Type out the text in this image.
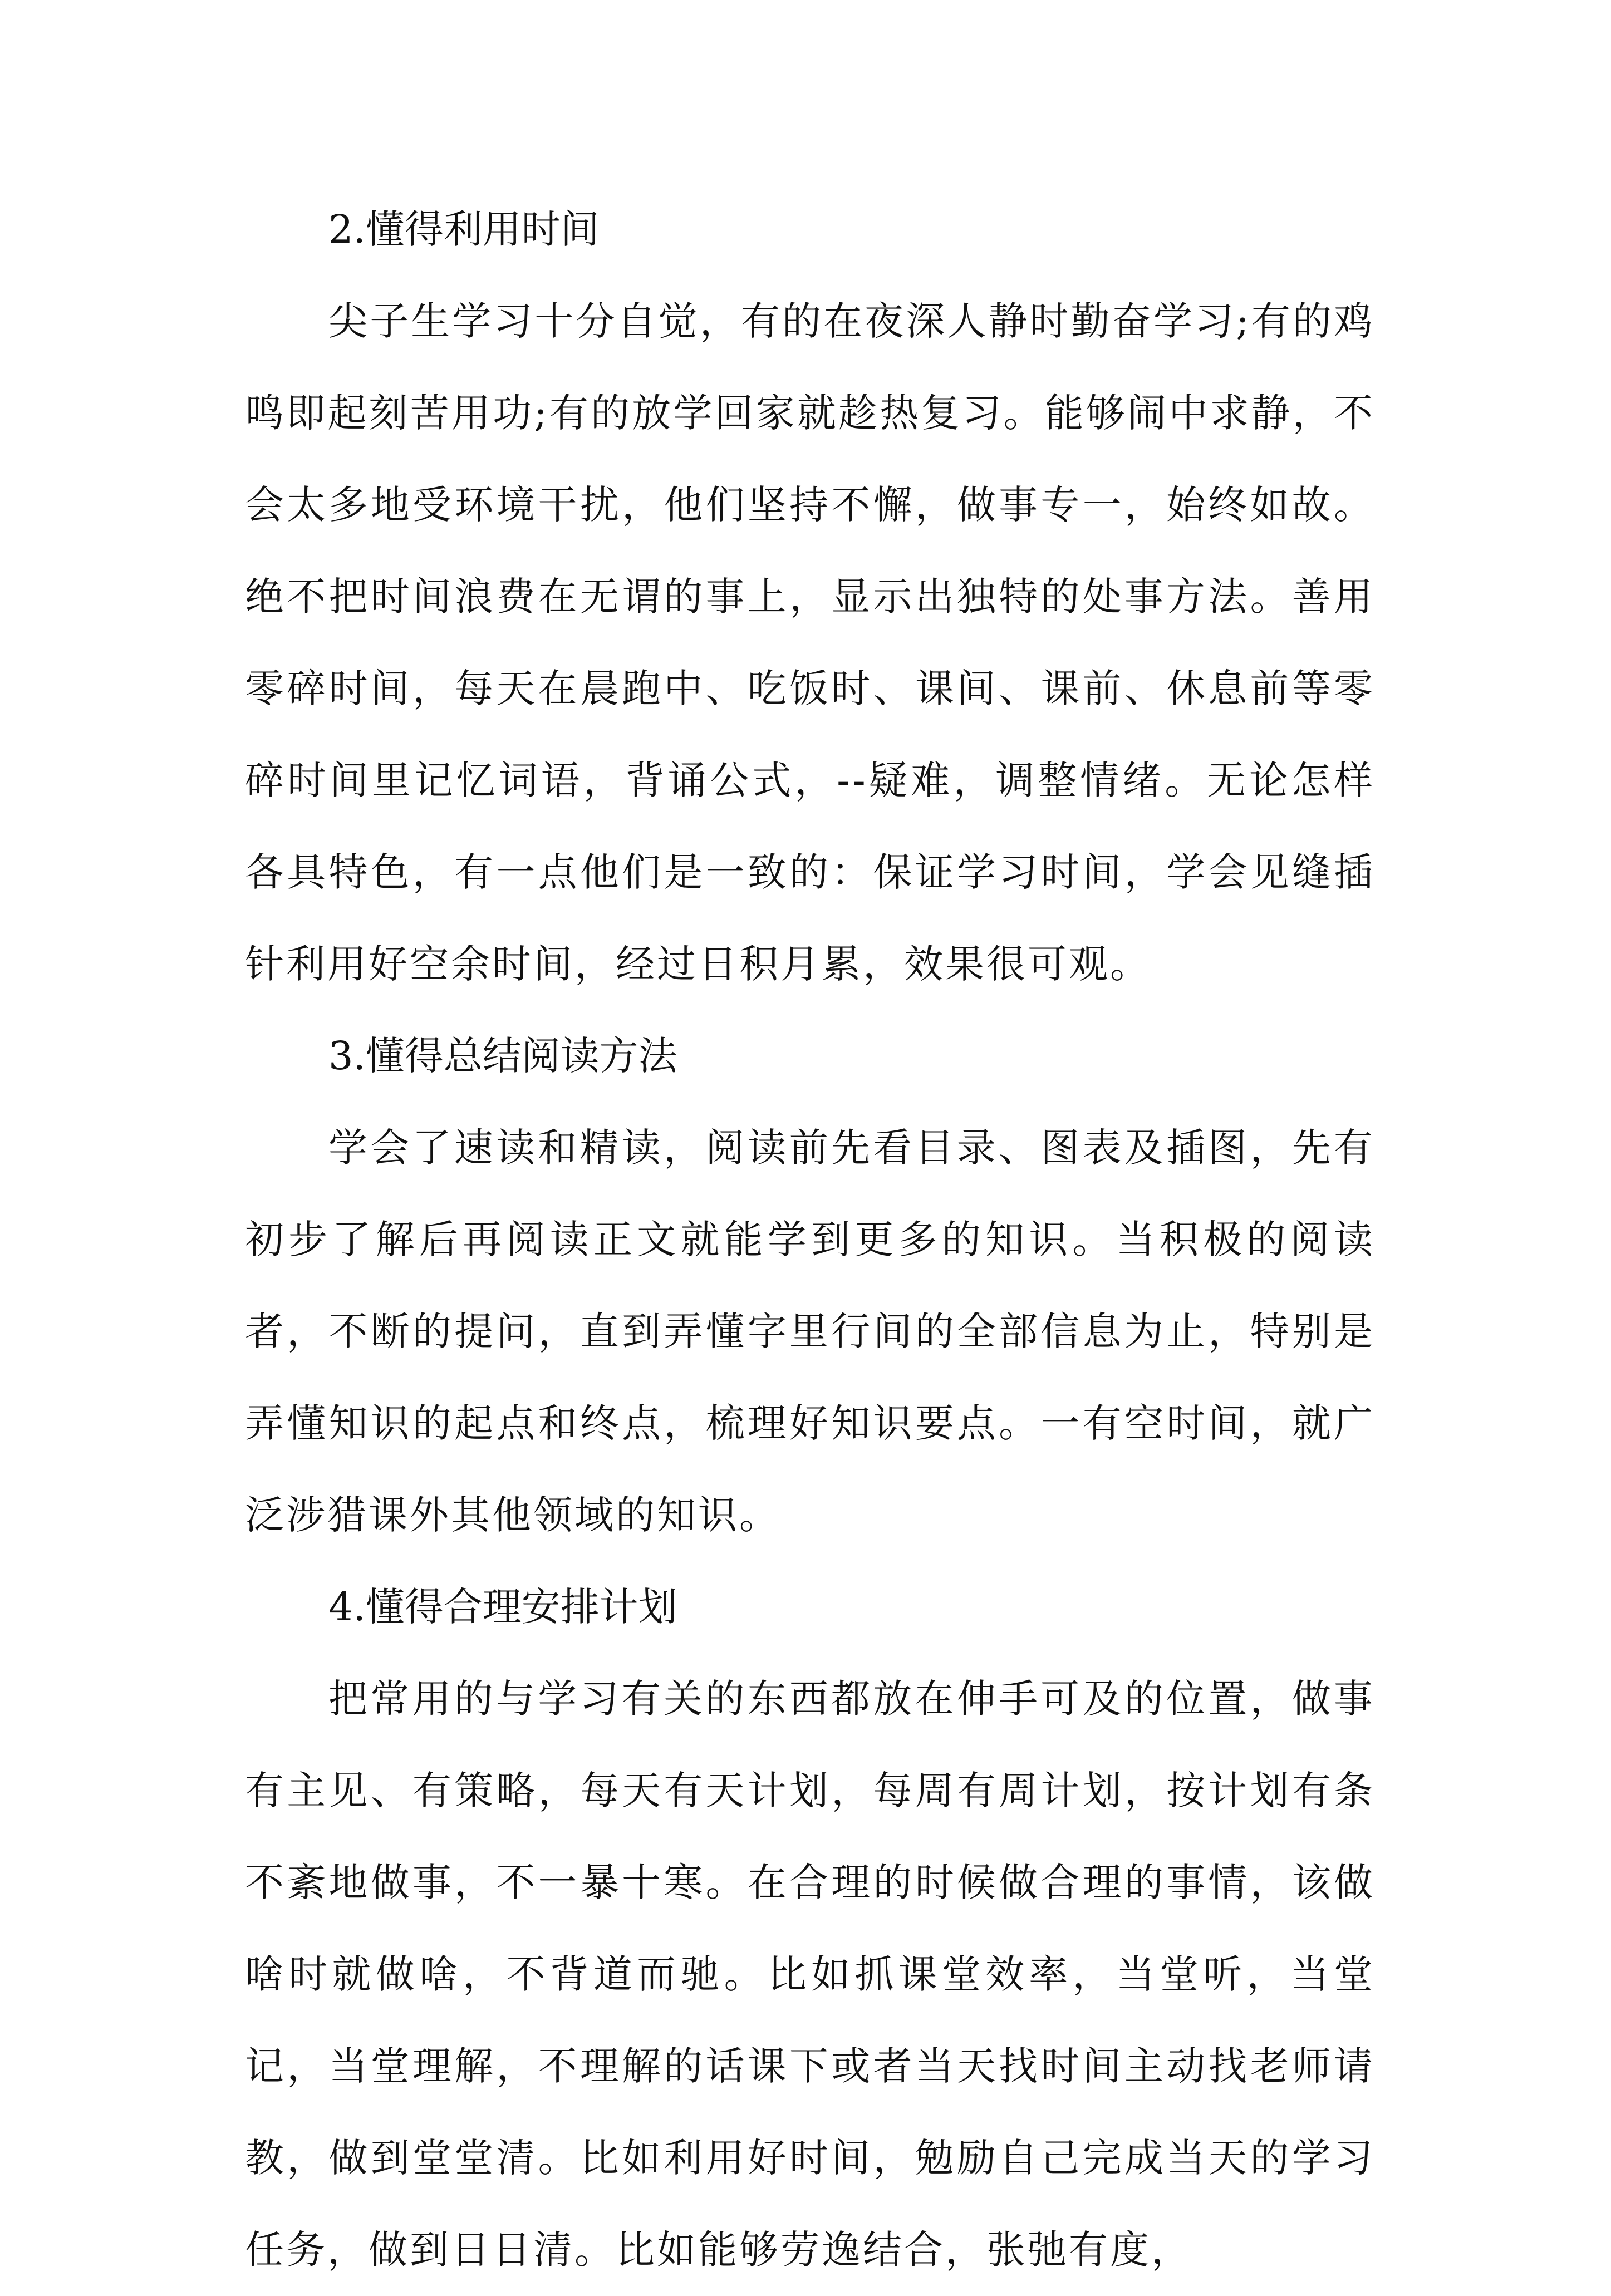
2.懂得利用时间

尖子生学习十分自觉，有的在夜深人静时勤奋学习;有的鸡鸣即起刻苦用功;有的放学回家就趁热复习。能够闹中求静，不会太多地受环境干扰，他们坚持不懈，做事专一，始终如故。绝不把时间浪费在无谓的事上，显示出独特的处事方法。善用零碎时间，每天在晨跑中、吃饭时、课间、课前、休息前等零碎时间里记忆词语，背诵公式，--疑难，调整情绪。无论怎样各具特色，有一点他们是一致的：保证学习时间，学会见缝插针利用好空余时间，经过日积月累，效果很可观。

3.懂得总结阅读方法

学会了速读和精读，阅读前先看目录、图表及插图，先有初步了解后再阅读正文就能学到更多的知识。当积极的阅读者，不断的提问，直到弄懂字里行间的全部信息为止，特别是弄懂知识的起点和终点，梳理好知识要点。一有空时间，就广泛涉猎课外其他领域的知识。

4.懂得合理安排计划

把常用的与学习有关的东西都放在伸手可及的位置，做事有主见、有策略，每天有天计划，每周有周计划，按计划有条不紊地做事，不一暴十寒。在合理的时候做合理的事情，该做啥时就做啥，不背道而驰。比如抓课堂效率，当堂听，当堂记，当堂理解，不理解的话课下或者当天找时间主动找老师请教，做到堂堂清。比如利用好时间，勉励自己完成当天的学习任务，做到日日清。比如能够劳逸结合，张弛有度，
